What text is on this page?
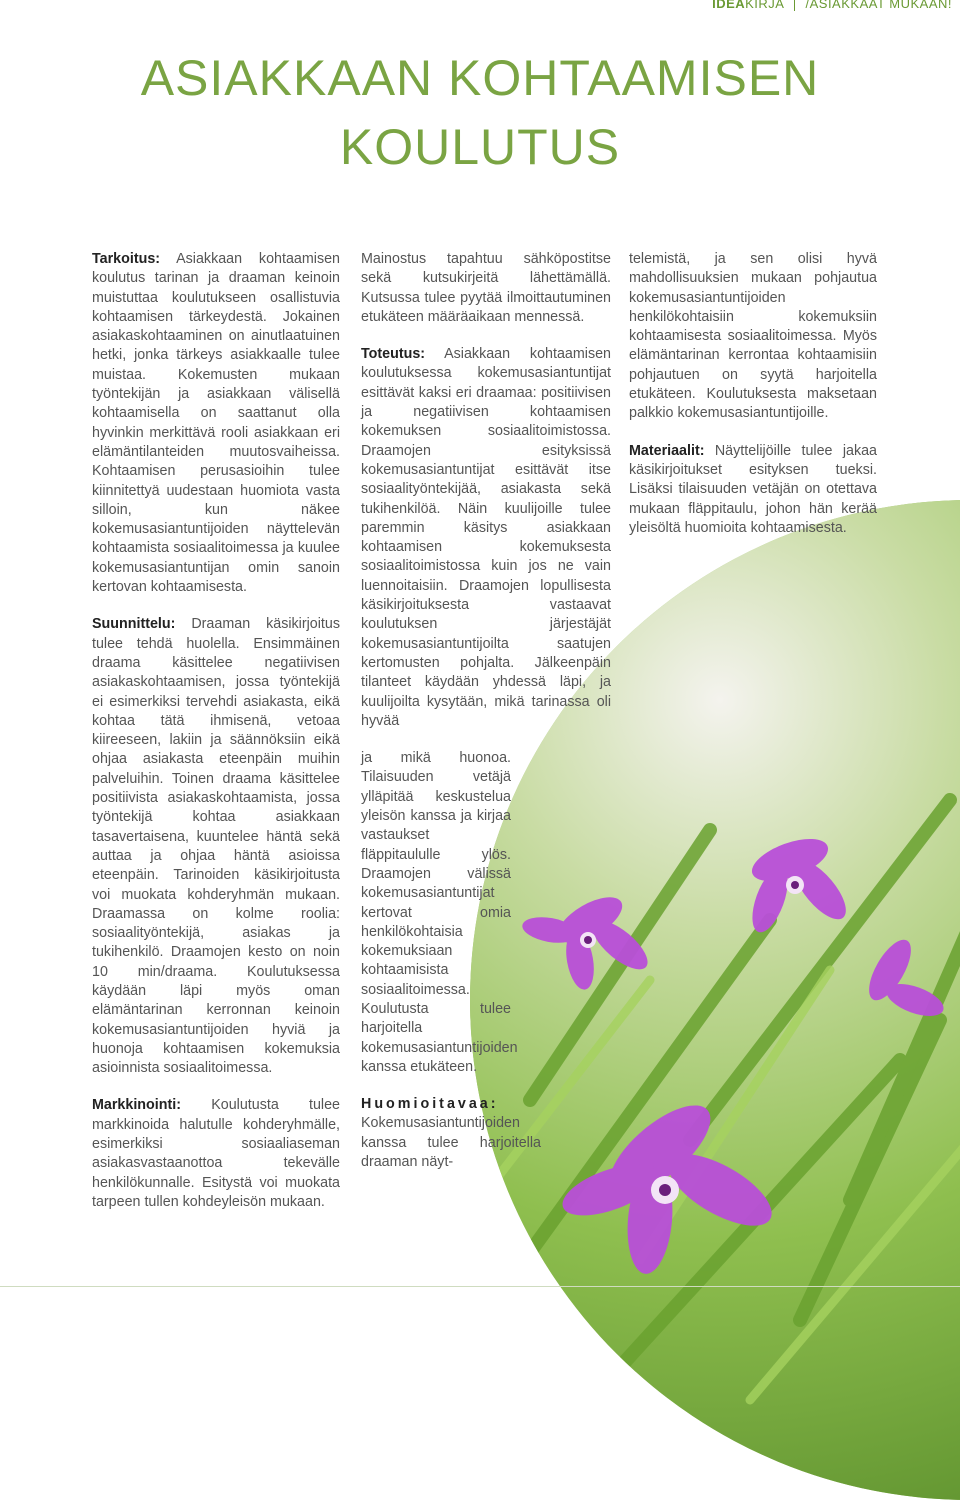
IDEAKIRJA /ASIAKKAAT MUKAAN!
ASIAKKAAN KOHTAAMISEN
KOULUTUS

Tarkoitus: Asiakkaan kohtaamisen koulutus tarinan ja draaman keinoin muistuttaa koulutukseen osallistuvia kohtaamisen tärkeydestä. Jokainen asiakaskohtaaminen on ainutlaatuinen hetki, jonka tärkeys asiakkaalle tulee muistaa. Kokemusten mukaan työntekijän ja asiakkaan välisellä kohtaamisella on saattanut olla hyvinkin merkittävä rooli asiakkaan eri elämäntilanteiden muutosvaiheissa. Kohtaamisen perusasioihin tulee kiinnitettyä uudestaan huomiota vasta silloin, kun näkee kokemusasiantuntijoiden näyttelevän kohtaamista sosiaalitoimessa ja kuulee kokemusasiantuntijan omin sanoin kertovan kohtaamisesta.

Suunnittelu: Draaman käsikirjoitus tulee tehdä huolella. Ensimmäinen draama käsittelee negatiivisen asiakaskohtaamisen, jossa työntekijä ei esimerkiksi tervehdi asiakasta, eikä kohtaa tätä ihmisenä, vetoaa kiireeseen, lakiin ja säännöksiin eikä ohjaa asiakasta eteenpäin muihin palveluihin. Toinen draama käsittelee positiivista asiakaskohtaamista, jossa työntekijä kohtaa asiakkaan tasavertaisena, kuuntelee häntä sekä auttaa ja ohjaa häntä asioissa eteenpäin. Tarinoiden käsikirjoitusta voi muokata kohderyhmän mukaan. Draamassa on kolme roolia: sosiaalityöntekijä, asiakas ja tukihenkilö. Draamojen kesto on noin 10 min/draama. Koulutuksessa käydään läpi myös oman elämäntarinan kerronnan keinoin kokemusasiantuntijoiden hyviä ja huonoja kohtaamisen kokemuksia asioinnista sosiaalitoimessa.

Markkinointi: Koulutusta tulee markkinoida halutulle kohderyhmälle, esimerkiksi sosiaaliaseman asiakasvastaanottoa tekevälle henkilökunnalle. Esitystä voi muokata tarpeen tullen kohdeyleisön mukaan.

Mainostus tapahtuu sähköpostitse sekä kutsukirjeitä lähettämällä. Kutsussa tulee pyytää ilmoittautuminen etukäteen määräaikaan mennessä.

Toteutus: Asiakkaan kohtaamisen koulutuksessa kokemusasiantuntijat esittävät kaksi eri draamaa: positiivisen ja negatiivisen kohtaamisen kokemuksen sosiaalitoimistossa. Draamojen esityksissä kokemusasiantuntijat esittävät itse sosiaalityöntekijää, asiakasta sekä tukihenkilöä. Näin kuulijoille tulee paremmin käsitys asiakkaan kohtaamisen kokemuksesta sosiaalitoimistossa kuin jos ne vain luennoitaisiin. Draamojen lopullisesta käsikirjoituksesta vastaavat koulutuksen järjestäjät kokemusasiantuntijoilta saatujen kertomusten pohjalta. Jälkeenpäin tilanteet käydään yhdessä läpi, ja kuulijoilta kysytään, mikä tarinassa oli hyvää

ja mikä huonoa. Tilaisuuden vetäjä ylläpitää keskustelua yleisön kanssa ja kirjaa vastaukset fläppitaululle ylös. Draamojen välissä kokemusasiantuntijat kertovat omia henkilökohtaisia kokemuksiaan kohtaamisista sosiaalitoimessa. Koulutusta tulee harjoitella kokemusasiantuntijoiden kanssa etukäteen.

Huomioitavaa: Kokemusasiantuntijoiden kanssa tulee harjoitella draaman näyt-

telemistä, ja sen olisi hyvä mahdollisuuksien mukaan pohjautua kokemusasiantuntijoiden henkilökohtaisiin kokemuksiin kohtaamisesta sosiaalitoimessa. Myös elämäntarinan kerrontaa kohtaamisiin pohjautuen on syytä harjoitella etukäteen. Koulutuksesta maksetaan palkkio kokemusasiantuntijoille.

Materiaalit: Näyttelijöille tulee jakaa käsikirjoitukset esityksen tueksi. Lisäksi tilaisuuden vetäjän on otettava mukaan fläppitaulu, johon hän kerää yleisöltä huomioita kohtaamisesta.
